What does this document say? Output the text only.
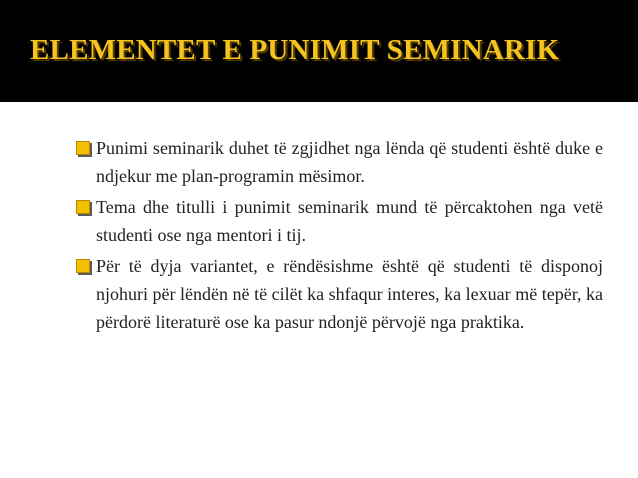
ELEMENTET E PUNIMIT SEMINARIK
Punimi seminarik duhet të zgjidhet nga lënda që studenti është duke e ndjekur me plan-programin mësimor.
Tema dhe titulli i punimit seminarik mund të përcaktohen nga vetë studenti ose nga mentori i tij.
Për të dyja variantet, e rëndësishme është që studenti të disponoj njohuri për lëndën në të cilët ka shfaqur interes, ka lexuar më tepër, ka përdorë literaturë ose ka pasur ndonjë përvojë nga praktika.
